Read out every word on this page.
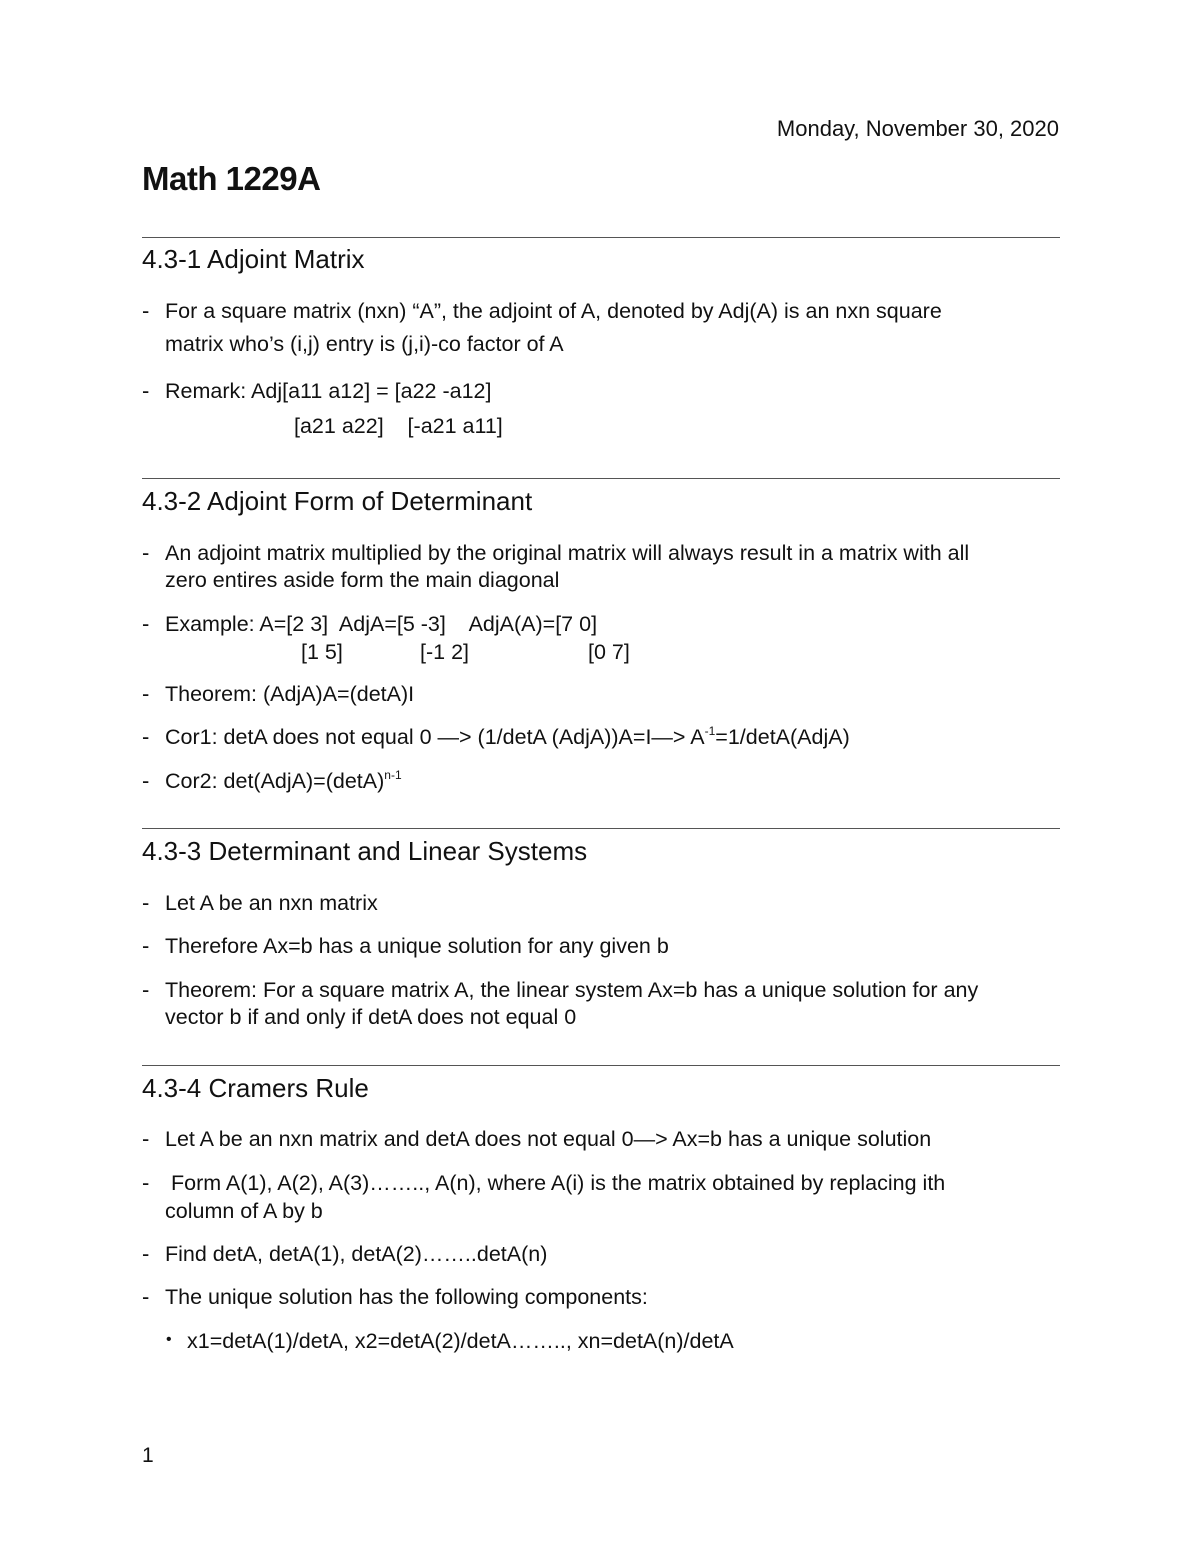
Monday, November 30, 2020
Math 1229A
4.3-1 Adjoint Matrix
- For a square matrix (nxn) “A”, the adjoint of A, denoted by Adj(A) is an nxn square
matrix who’s (i,j) entry is (j,i)-co factor of A
- Remark: Adj[a11 a12] = [a22 -a12]
[a21 a22]    [-a21 a11]
4.3-2 Adjoint Form of Determinant
- An adjoint matrix multiplied by the original matrix will always result in a matrix with all
zero entires aside form the main diagonal
- Example: A=[2 3]  AdjA=[5 -3]    AdjA(A)=[7 0]
[1 5]	[-1 2]	[0 7]
- Theorem: (AdjA)A=(detA)I
- Cor1: detA does not equal 0 —> (1/detA (AdjA))A=I—> $A^{-1}=1/\det A(AdjA)$
- Cor2: $\det(AdjA)=(\det A)^{n-1}$
4.3-3 Determinant and Linear Systems
- Let A be an nxn matrix
- Therefore Ax=b has a unique solution for any given b
- Theorem: For a square matrix A, the linear system Ax=b has a unique solution for any
vector b if and only if detA does not equal 0
4.3-4 Cramers Rule
- Let A be an nxn matrix and detA does not equal 0—> Ax=b has a unique solution
- Form A(1), A(2), A(3)…….., A(n), where A(i) is the matrix obtained by replacing ith
column of A by b
- Find detA, detA(1), detA(2)……..detA(n)
- The unique solution has the following components:
• x1=detA(1)/detA, x2=detA(2)/detA…….., xn=detA(n)/detA
1
